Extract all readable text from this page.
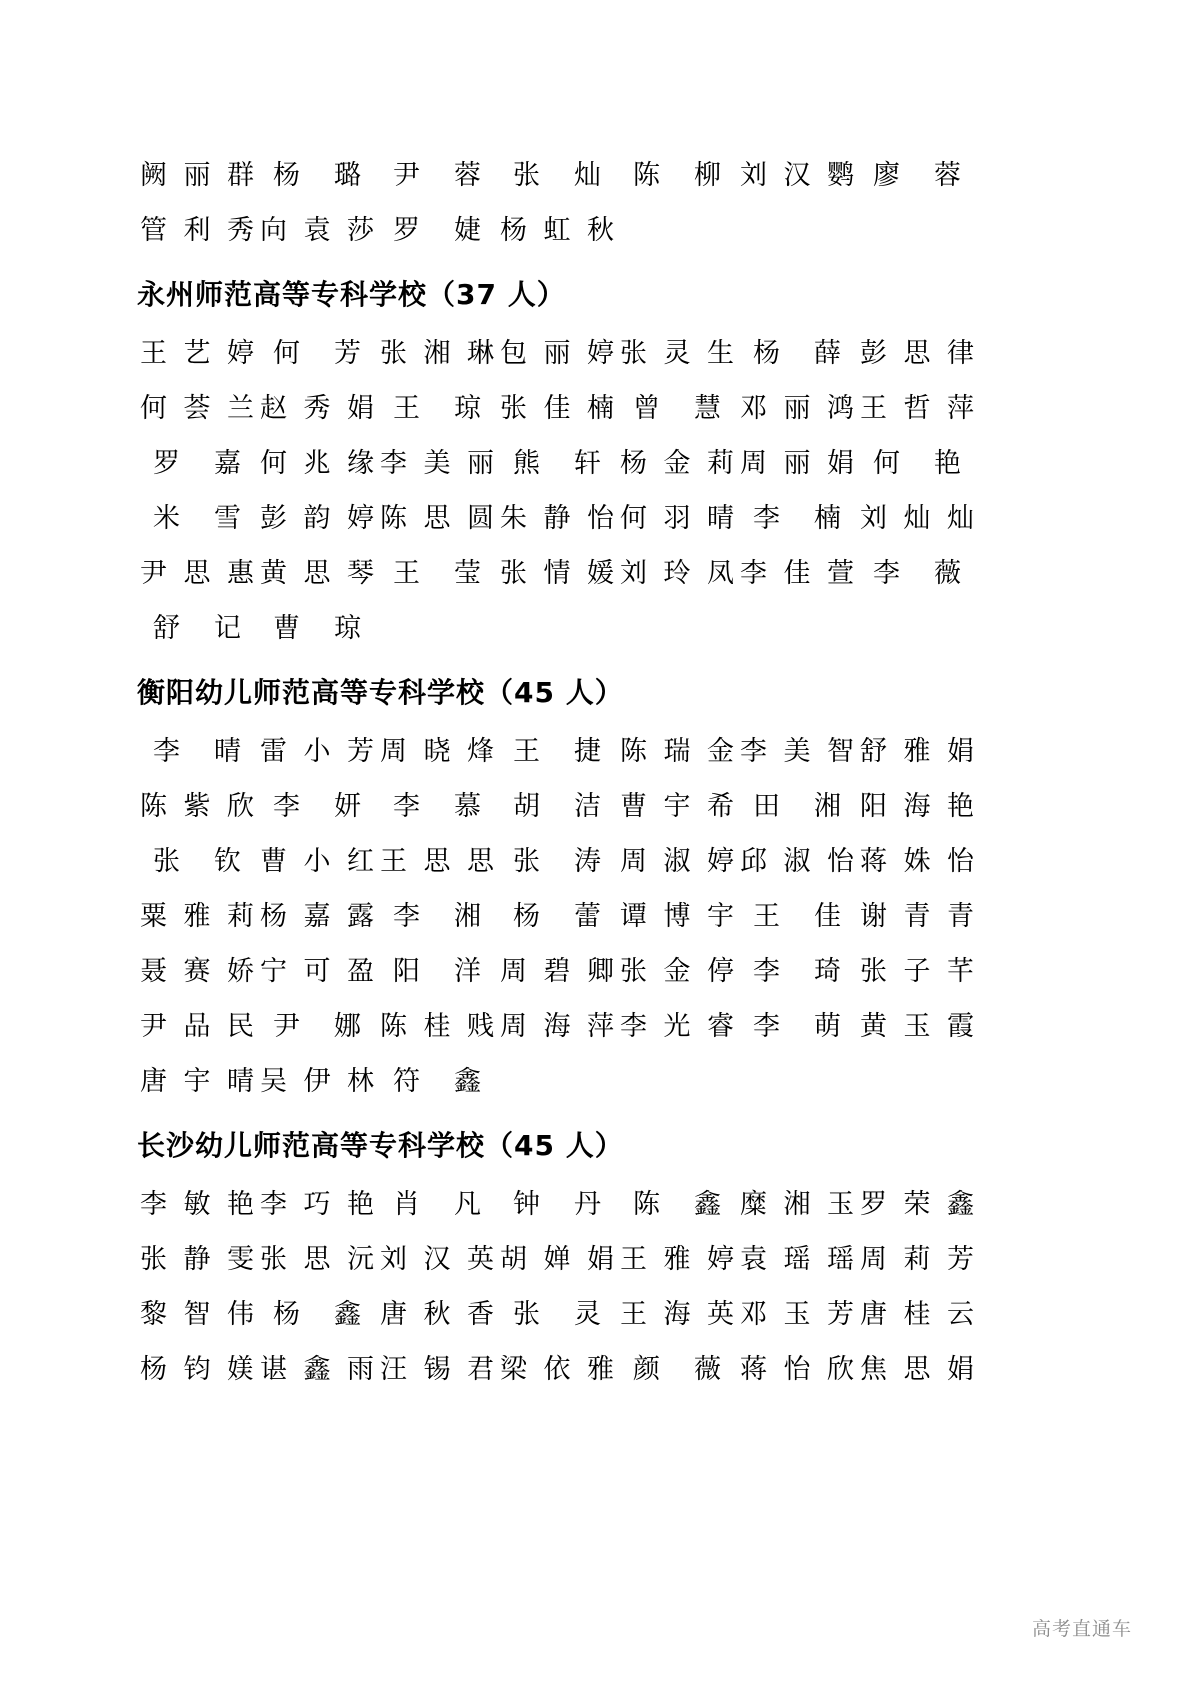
阙 丽 群 杨 璐 尹 蓉 张 灿 陈 柳 刘 汉 鹦 廖 蓉
管 利 秀 向 袁 莎 罗 婕 杨 虹 秋
永州师范高等专科学校（37 人）
王 艺 婷 何 芳 张 湘 琳 包 丽 婷 张 灵 生 杨 薛 彭 思 律
何 荟 兰 赵 秀 娟 王 琼 张 佳 楠 曾 慧 邓 丽 鸿 王 哲 萍
罗 嘉 何 兆 缘 李 美 丽 熊 轩 杨 金 莉 周 丽 娟 何 艳
米 雪 彭 韵 婷 陈 思 圆 朱 静 怡 何 羽 晴 李 楠 刘 灿 灿
尹 思 惠 黄 思 琴 王 莹 张 情 媛 刘 玲 凤 李 佳 萱 李 薇
舒 记 曹 琼
衡阳幼儿师范高等专科学校（45 人）
李 晴 雷 小 芳 周 晓 烽 王 捷 陈 瑞 金 李 美 智 舒 雅 娟
陈 紫 欣 李 妍 李 慕 胡 洁 曹 宇 希 田 湘 阳 海 艳
张 钦 曹 小 红 王 思 思 张 涛 周 淑 婷 邱 淑 怡 蒋 姝 怡
粟 雅 莉 杨 嘉 露 李 湘 杨 蕾 谭 博 宇 王 佳 谢 青 青
聂 赛 娇 宁 可 盈 阳 洋 周 碧 卿 张 金 停 李 琦 张 子 芊
尹 品 民 尹 娜 陈 桂 贱 周 海 萍 李 光 睿 李 萌 黄 玉 霞
唐 宇 晴 吴 伊 林 符 鑫
长沙幼儿师范高等专科学校（45 人）
李 敏 艳 李 巧 艳 肖 凡 钟 丹 陈 鑫 糜 湘 玉 罗 荣 鑫
张 静 雯 张 思 沅 刘 汉 英 胡 婵 娟 王 雅 婷 袁 瑶 瑶 周 莉 芳
黎 智 伟 杨 鑫 唐 秋 香 张 灵 王 海 英 邓 玉 芳 唐 桂 云
杨 钧 媄 谌 鑫 雨 汪 锡 君 梁 依 雅 颜 薇 蒋 怡 欣 焦 思 娟
高考直通车
